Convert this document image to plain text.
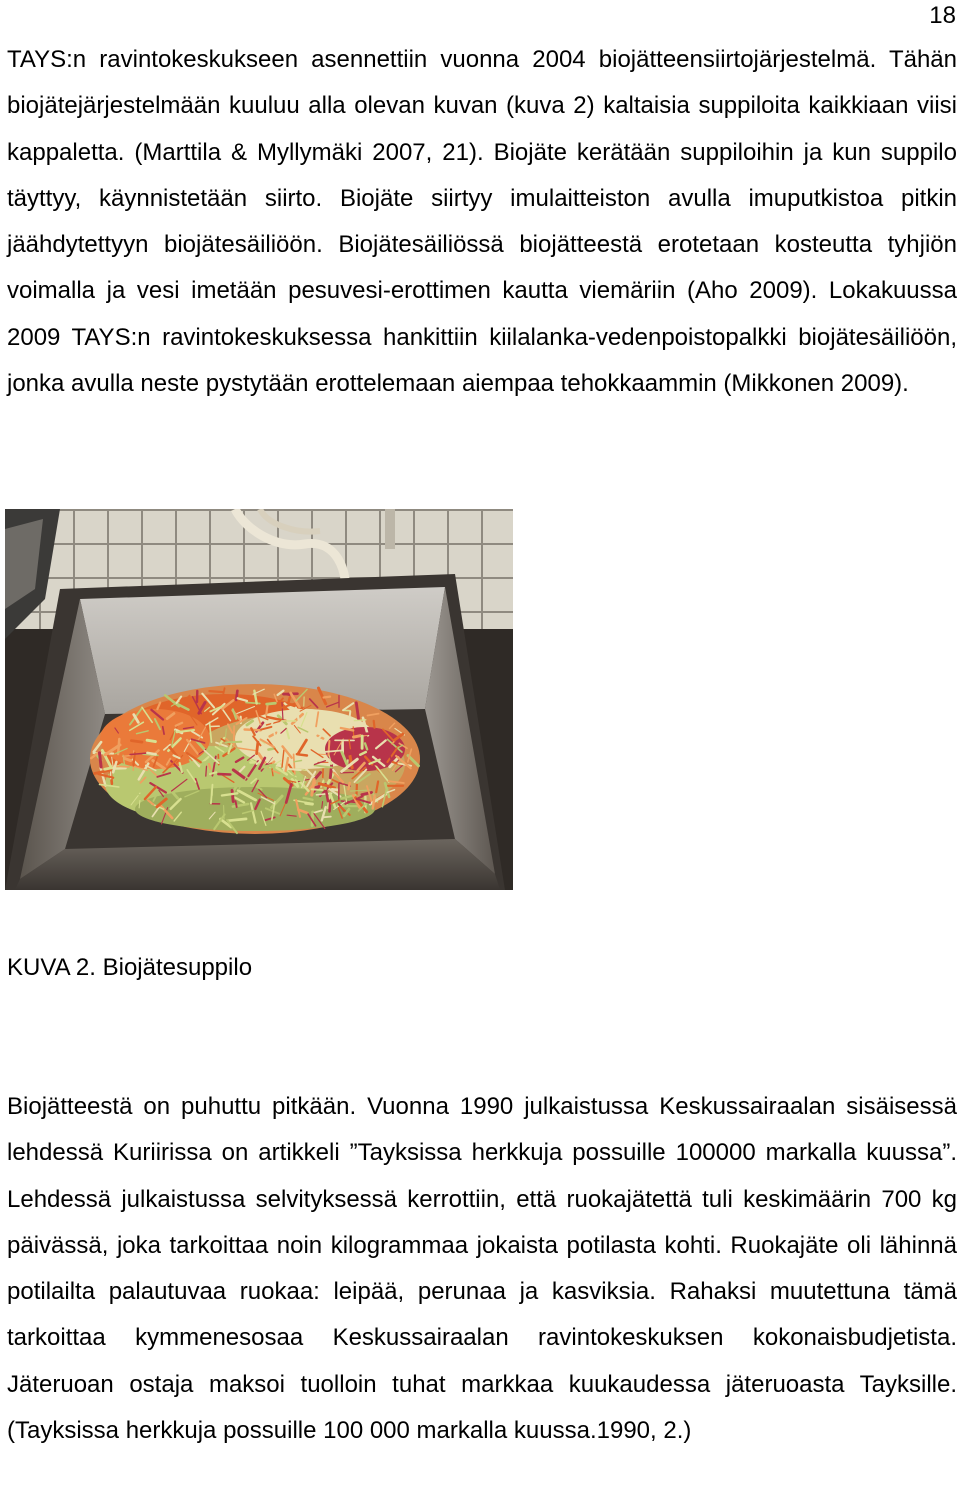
18

TAYS:n ravintokeskukseen asennettiin vuonna 2004 biojätteensiirtojärjestelmä. Tähän biojätejärjestelmään kuuluu alla olevan kuvan (kuva 2) kaltaisia suppiloita kaikkiaan viisi kappaletta. (Marttila & Myllymäki 2007, 21). Biojäte kerätään suppiloihin ja kun suppilo täyttyy, käynnistetään siirto. Biojäte siirtyy imulaitteiston avulla imuputkistoa pitkin jäähdytettyyn biojätesäiliöön. Biojätesäiliössä biojätteestä erotetaan kosteutta tyhjiön voimalla ja vesi imetään pesuvesi-erottimen kautta viemäriin (Aho 2009). Lokakuussa 2009 TAYS:n ravintokeskuksessa hankittiin kiilalanka-vedenpoistopalkki biojätesäiliöön, jonka avulla neste pystytään erottelemaan aiempaa tehokkaammin (Mikkonen 2009).

KUVA 2. Biojätesuppilo

Biojätteestä on puhuttu pitkään. Vuonna 1990 julkaistussa Keskussairaalan sisäisessä lehdessä Kuriirissa on artikkeli ”Tayksissa herkkuja possuille 100000 markalla kuussa”. Lehdessä julkaistussa selvityksessä kerrottiin, että ruokajätettä tuli keskimäärin 700 kg päivässä, joka tarkoittaa noin kilogrammaa jokaista potilasta kohti. Ruokajäte oli lähinnä potilailta palautuvaa ruokaa: leipää, perunaa ja kasviksia. Rahaksi muutettuna tämä tarkoittaa kymmenesosaa Keskussairaalan ravintokeskuksen kokonaisbudjetista. Jäteruoan ostaja maksoi tuolloin tuhat markkaa kuukaudessa jäteruoasta Tayksille. (Tayksissa herkkuja possuille 100 000 markalla kuussa.1990, 2.)
